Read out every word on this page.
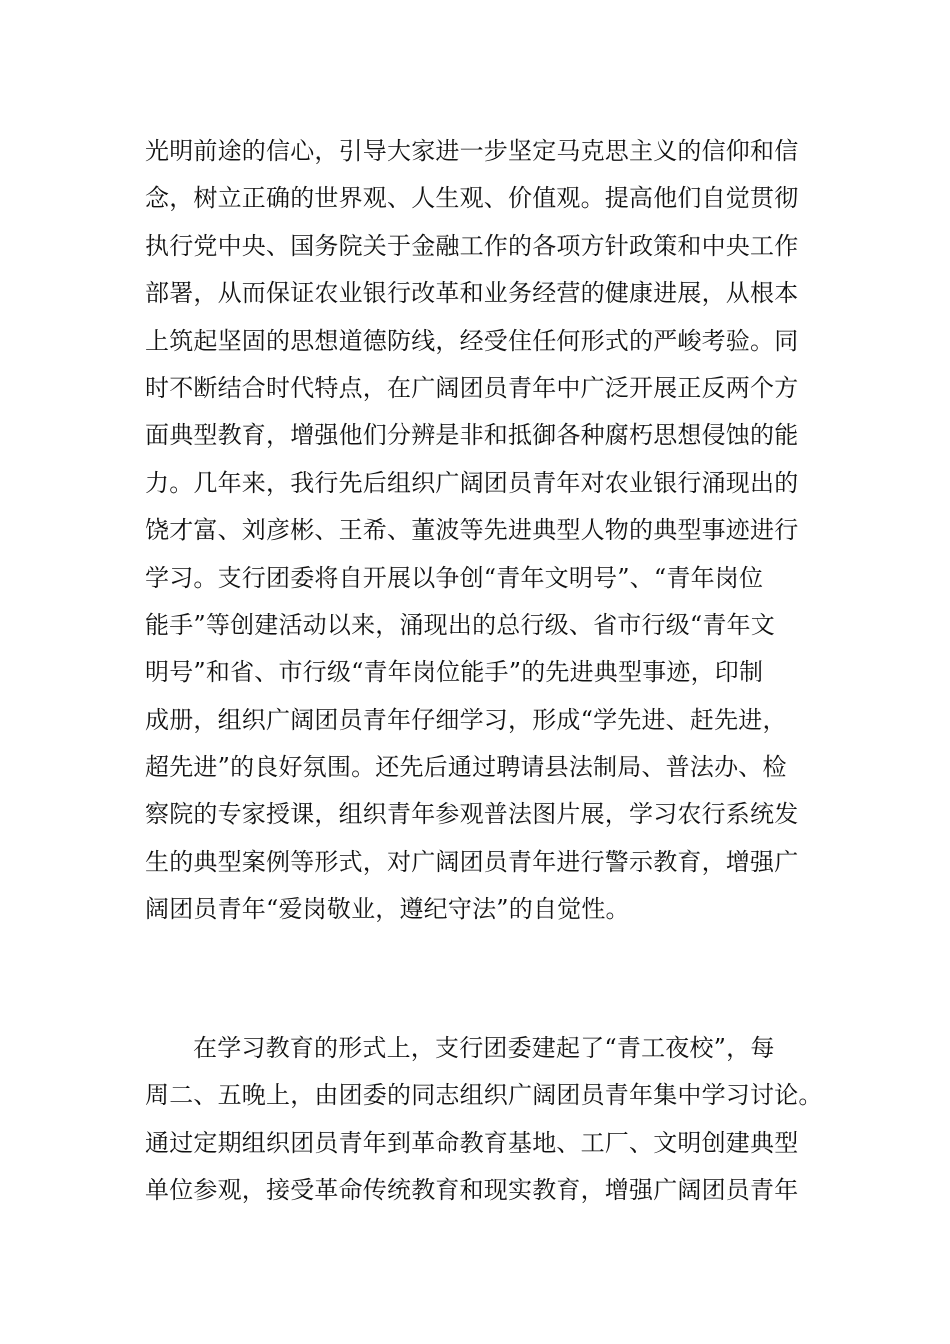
光明前途的信心，引导大家进一步坚定马克思主义的信仰和信
念，树立正确的世界观、人生观、价值观。提高他们自觉贯彻
执行党中央、国务院关于金融工作的各项方针政策和中央工作
部署，从而保证农业银行改革和业务经营的健康进展，从根本
上筑起坚固的思想道德防线，经受住任何形式的严峻考验。同
时不断结合时代特点，在广阔团员青年中广泛开展正反两个方
面典型教育，增强他们分辨是非和抵御各种腐朽思想侵蚀的能
力。几年来，我行先后组织广阔团员青年对农业银行涌现出的
饶才富、刘彦彬、王希、董波等先进典型人物的典型事迹进行
学习。支行团委将自开展以争创“青年文明号”、“青年岗位
能手”等创建活动以来，涌现出的总行级、省市行级“青年文
明号”和省、市行级“青年岗位能手”的先进典型事迹，印制
成册，组织广阔团员青年仔细学习，形成“学先进、赶先进，
超先进”的良好氛围。还先后通过聘请县法制局、普法办、检
察院的专家授课，组织青年参观普法图片展，学习农行系统发
生的典型案例等形式，对广阔团员青年进行警示教育，增强广
阔团员青年“爱岗敬业，遵纪守法”的自觉性。

在学习教育的形式上，支行团委建起了“青工夜校”，每
周二、五晚上，由团委的同志组织广阔团员青年集中学习讨论。
通过定期组织团员青年到革命教育基地、工厂、文明创建典型
单位参观，接受革命传统教育和现实教育，增强广阔团员青年
